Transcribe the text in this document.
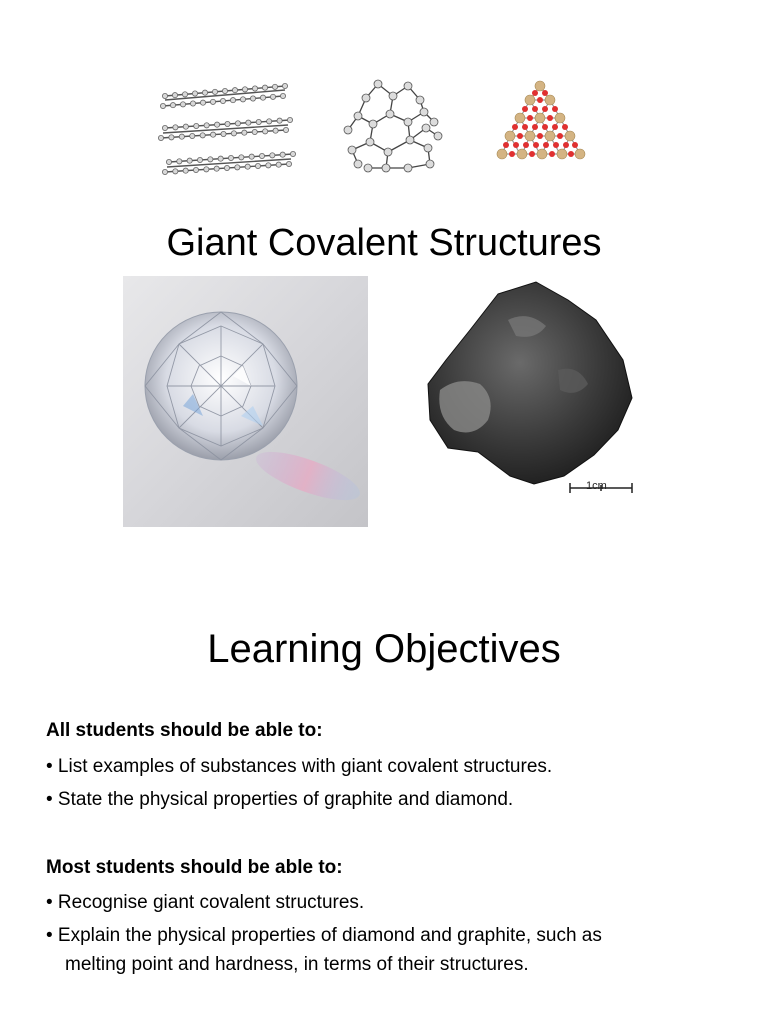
Giant Covalent Structures
1cm
Learning Objectives

All students should be able to:

• List examples of substances with giant covalent structures.
• State the physical properties of graphite and diamond.

Most students should be able to:

• Recognise giant covalent structures.
• Explain the physical properties of diamond and graphite, such as
melting point and hardness, in terms of their structures.
